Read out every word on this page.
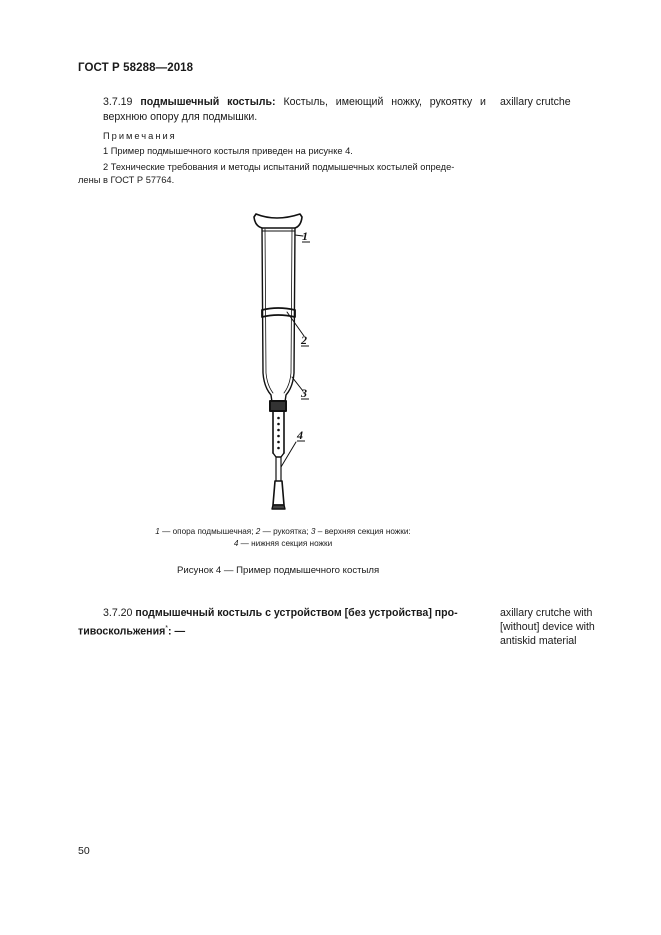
ГОСТ Р 58288—2018
3.7.19 подмышечный костыль: Костыль, имеющий ножку, рукоятку и верхнюю опору для подмышки.
axillary crutche
Примечания
1 Пример подмышечного костыля приведен на рисунке 4.
2 Технические требования и методы испытаний подмышечных костылей опреде-
лены в ГОСТ Р 57764.
1
2
3
4
1 — опора подмышечная; 2 — рукоятка; 3 – верхняя секция ножки:
4 — нижняя секция ножки
Рисунок 4 — Пример подмышечного костыля
3.7.20 подмышечный костыль с устройством [без устройства] про-
тивоскольжения*: —
axillary crutche with
[without] device with
antiskid material
50
